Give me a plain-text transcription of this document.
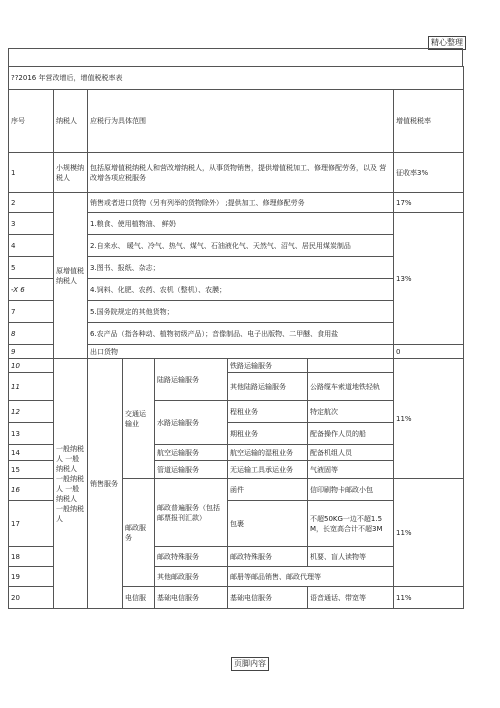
精心整理
??2016 年营改增后，增值税税率表							
序号	纳税人	应税行为具体范围					增值税税率
1	小规模纳税人	包括原增值税纳税人和营改增纳税人，从事货物销售，提供增值税加工、修理修配劳务，以及 营改增各项应税服务					征收率3%
2	原增值税纳税人	销售或者进口货物（另有列举的货物除外） ;提供加工、修理修配劳务					17%
3		1.粮食、使用植物油、 鲜奶					13%
4		2.自来水、 暖气、冷气、热气、煤气、石油液化气、天然气、沼气、居民用煤炭制品					
5		3.图书、报纸、杂志；					
-X 6		4.饲料、化肥、农药、农机（整机）、农膜；					
7		5.国务院规定的其他货物；					
8		6.农产品（指各种动、植物初级产品）；音像制品、电子出版物、二甲醚、食用盐					
9		出口货物					0
10	一般纳税人 一般纳税人 一般纳税人 一般纳税人 一般纳税人	销售服务	交通运输业	陆路运输服务	铁路运输服务		11%
11					其他陆路运输服务	公路缆车索道地铁轻轨	
12				水路运输服务	程租业务	特定航次	
13					期租业务	配备操作人员的船	
14				航空运输服务	航空运输的湿租业务	配备机组人员	
15				管道运输服务	无运输工具承运业务	气液固等	
16			邮政服务	邮政普遍服务（包括邮票报刊汇款）	函件	信印刷物卡邮政小包	11%
17					包裹	不超50KG一边不超1.5M，长宽高合计不超3M	
18				邮政特殊服务	邮政特殊服务	机要、盲人读物等	
19				其他邮政服务	邮册等邮品销售、邮政代理等		
20			电信服	基础电信服务	基础电信服务	语音通话、带宽等	11%
页脚内容
